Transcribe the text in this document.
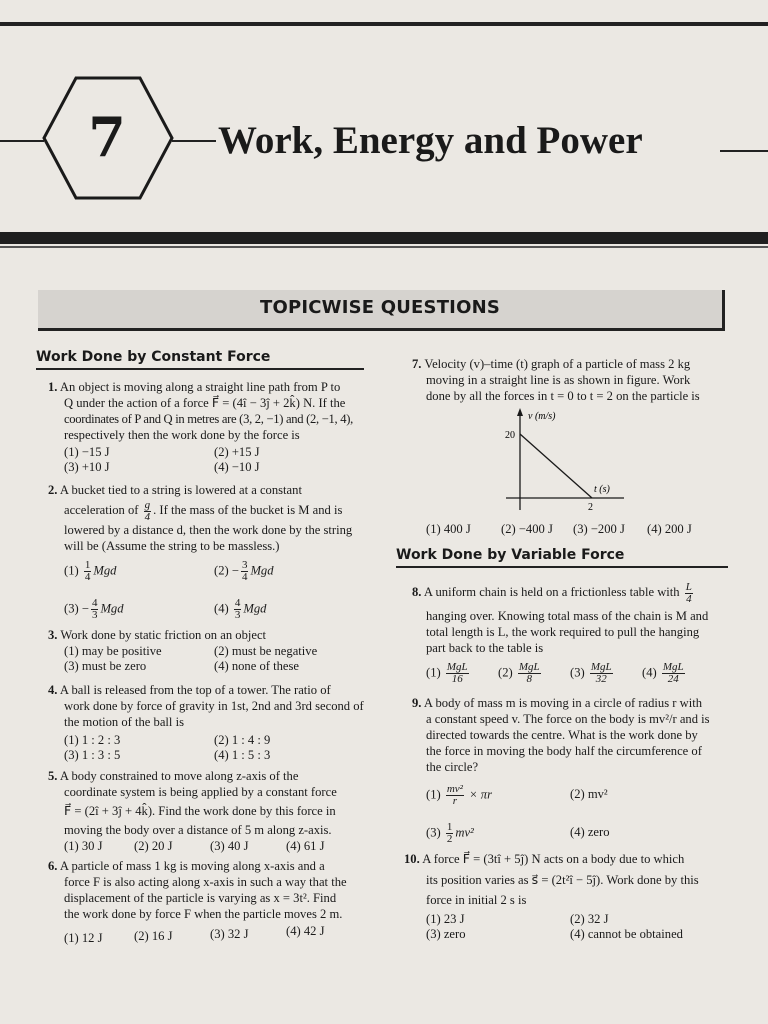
7	Work, Energy and Power
TOPICWISE QUESTIONS
Work Done by Constant Force
1. An object is moving along a straight line path from P to
Q under the action of a force F⃗ = (4î − 3ĵ + 2k̂) N. If the
coordinates of P and Q in metres are (3, 2, −1) and (2, −1, 4),
respectively then the work done by the force is
(1) −15 J	(2) +15 J
(3) +10 J	(4) −10 J
2. A bucket tied to a string is lowered at a constant
acceleration of $\frac{g}{4}$ . If the mass of the bucket is M and is
lowered by a distance d, then the work done by the string
will be (Assume the string to be massless.)
$(1) \frac{1}{4}$ Mgd	$(2) - \frac{3}{4}$ Mgd
$(3) - \frac{4}{3}$ Mgd	$(4) \frac{4}{3}$ Mgd
3. Work done by static friction on an object
(1) may be positive	(2) must be negative
(3) must be zero	(4) none of these
4. A ball is released from the top of a tower. The ratio of
work done by force of gravity in 1st, 2nd and 3rd second of
the motion of the ball is
(1) 1 : 2 : 3	(2) 1 : 4 : 9
(3) 1 : 3 : 5	(4) 1 : 5 : 3
5. A body constrained to move along z-axis of the
coordinate system is being applied by a constant force
F⃗ = (2î + 3ĵ + 4k̂). Find the work done by this force in
moving the body over a distance of 5 m along z-axis.
(1) 30 J	(2) 20 J	(3) 40 J	(4) 61 J
6. A particle of mass 1 kg is moving along x-axis and a
force F is also acting along x-axis in such a way that the
displacement of the particle is varying as x = 3t². Find
the work done by force F when the particle moves 2 m.
(1) 12 J	(2) 16 J	(3) 32 J	(4) 42 J
7. Velocity (v)–time (t) graph of a particle of mass 2 kg
moving in a straight line is as shown in figure. Work
done by all the forces in t = 0 to t = 2 on the particle is
v (m/s)
20
t (s)
2
(1) 400 J (2) −400 J (3) −200 J (4) 200 J
Work Done by Variable Force
8. A uniform chain is held on a frictionless table with $\frac{L}{4}$
hanging over. Knowing total mass of the chain is M and
total length is L, the work required to pull the hanging
part back to the table is
$(1) \frac{\text{MgL}}{16} (2) \frac{\text{MgL}}{8} (3) \frac{\text{MgL}}{32} (4) \frac{\text{MgL}}{24}$
9. A body of mass m is moving in a circle of radius r with
a constant speed v. The force on the body is mv²/r and is
directed towards the centre. What is the work done by
the force in moving the body half the circumference of
the circle?
$(1) \frac{\text{mv²}}{r} \times \pi r$	(2) mv²
$(3) \frac{1}{2} mv^2$	(4) zero
10. A force F⃗ = (3tî + 5ĵ) N acts on a body due to which
its position varies as s⃗ = (2t²î − 5ĵ). Work done by this
force in initial 2 s is
(1) 23 J	(2) 32 J
(3) zero	(4) cannot be obtained
